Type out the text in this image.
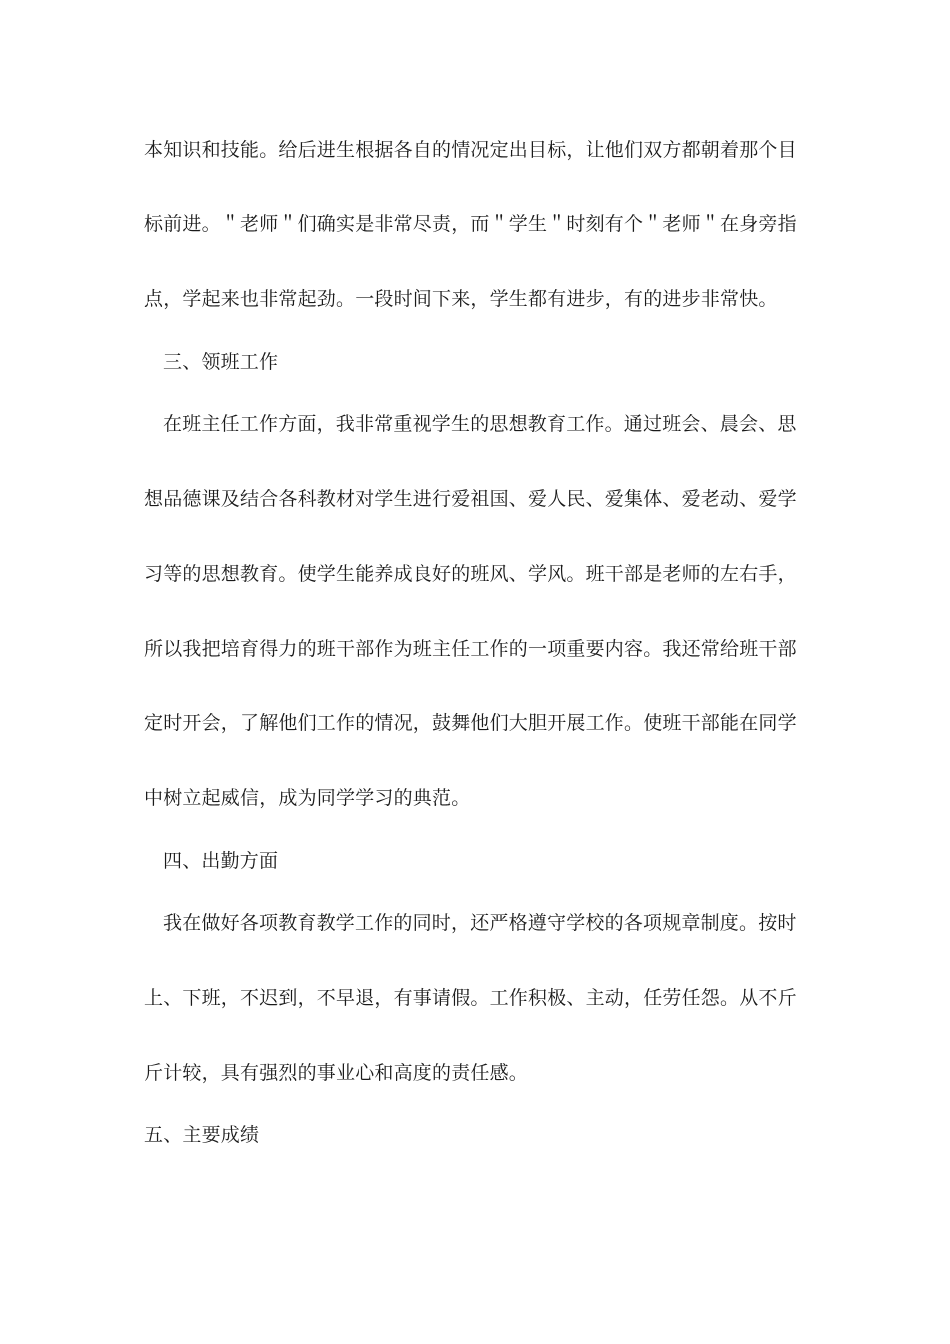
本知识和技能。给后进生根据各自的情况定出目标，让他们双方都朝着那个目
标前进。＂老师＂们确实是非常尽责，而＂学生＂时刻有个＂老师＂在身旁指
点，学起来也非常起劲。一段时间下来，学生都有进步，有的进步非常快。
三、领班工作
在班主任工作方面，我非常重视学生的思想教育工作。通过班会、晨会、思
想品德课及结合各科教材对学生进行爱祖国、爱人民、爱集体、爱老动、爱学
习等的思想教育。使学生能养成良好的班风、学风。班干部是老师的左右手，
所以我把培育得力的班干部作为班主任工作的一项重要内容。我还常给班干部
定时开会，了解他们工作的情况，鼓舞他们大胆开展工作。使班干部能在同学
中树立起威信，成为同学学习的典范。
四、出勤方面
我在做好各项教育教学工作的同时，还严格遵守学校的各项规章制度。按时
上、下班，不迟到，不早退，有事请假。工作积极、主动，任劳任怨。从不斤
斤计较，具有强烈的事业心和高度的责任感。
五、主要成绩
